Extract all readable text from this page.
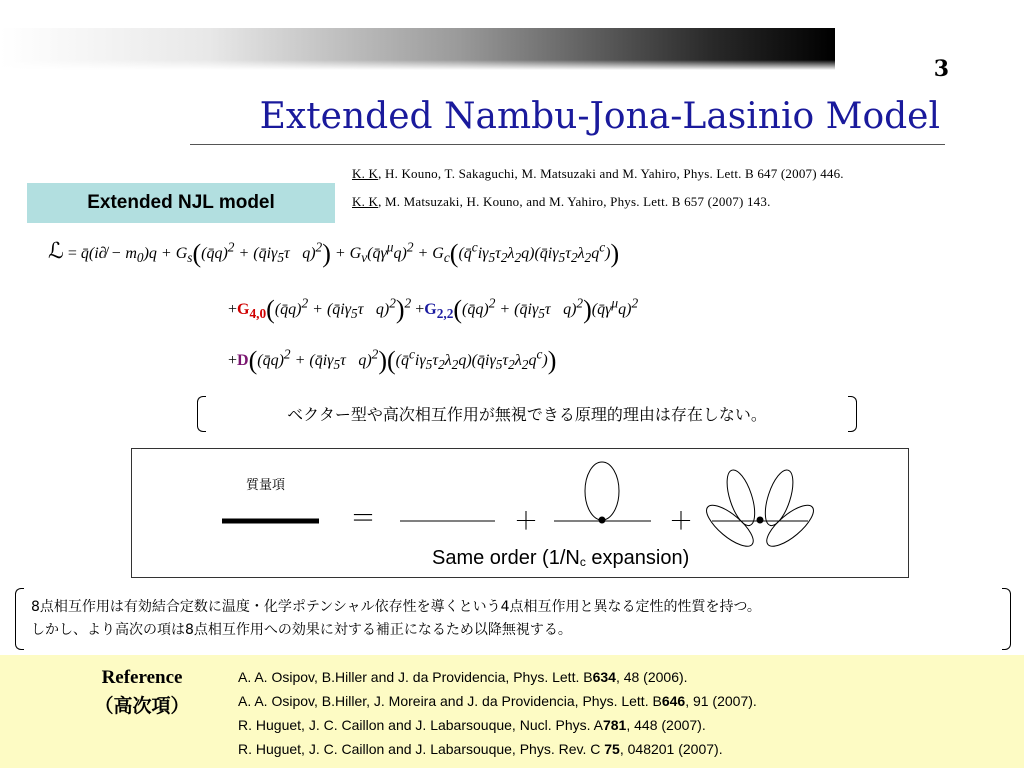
3
Extended Nambu-Jona-Lasinio Model
K. K, H. Kouno, T. Sakaguchi, M. Matsuzaki and M. Yahiro, Phys. Lett. B 647 (2007) 446.
K. K, M. Matsuzaki, H. Kouno, and M. Yahiro, Phys. Lett. B 657 (2007) 143.
Extended NJL model
ℒ = q̄(i∂̸ − $m_0)q$ + $G_s((q̄q)^2$ + $(q̄i\gamma_5\tau⃗q)^2$) + $G_v(q̄\gamma^\mu q)^2$ + $G_c((q̄^ci\gamma_5\tau_2\lambda_2q)(q̄i\gamma_5\tau_2\lambda_2q^c))$
$+G_{4,0}((q̄q)^2$ + $(q̄i\gamma_5\tau⃗q)^2)^2$ $+G_{2,2}((q̄q)^2$ + $(q̄i\gamma_5\tau⃗q)^2)(q̄\gamma^\mu q)^2$
+D((q̄q)$^2$ + $(q̄i\gamma_5\tau⃗q)^2)((q̄^ci\gamma_5\tau_2\lambda_2q)(q̄i\gamma_5\tau_2\lambda_2q^c))$
ベクター型や高次相互作用が無視できる原理的理由は存在しない。
質量項
＝	＋	＋
Same order ($1/N_c$ expansion)
8点相互作用は有効結合定数に温度・化学ポテンシャル依存性を導くという4点相互作用と異なる定性的性質を持つ。
しかし、より高次の項は8点相互作用への効果に対する補正になるため以降無視する。
Reference
（高次項）
A. A. Osipov, B.Hiller and J. da Providencia, Phys. Lett. B634, 48 (2006).
A. A. Osipov, B.Hiller, J. Moreira and J. da Providencia, Phys. Lett. B646, 91 (2007).
R. Huguet, J. C. Caillon and J. Labarsouque, Nucl. Phys. A781, 448 (2007).
R. Huguet, J. C. Caillon and J. Labarsouque, Phys. Rev. C 75, 048201 (2007).
